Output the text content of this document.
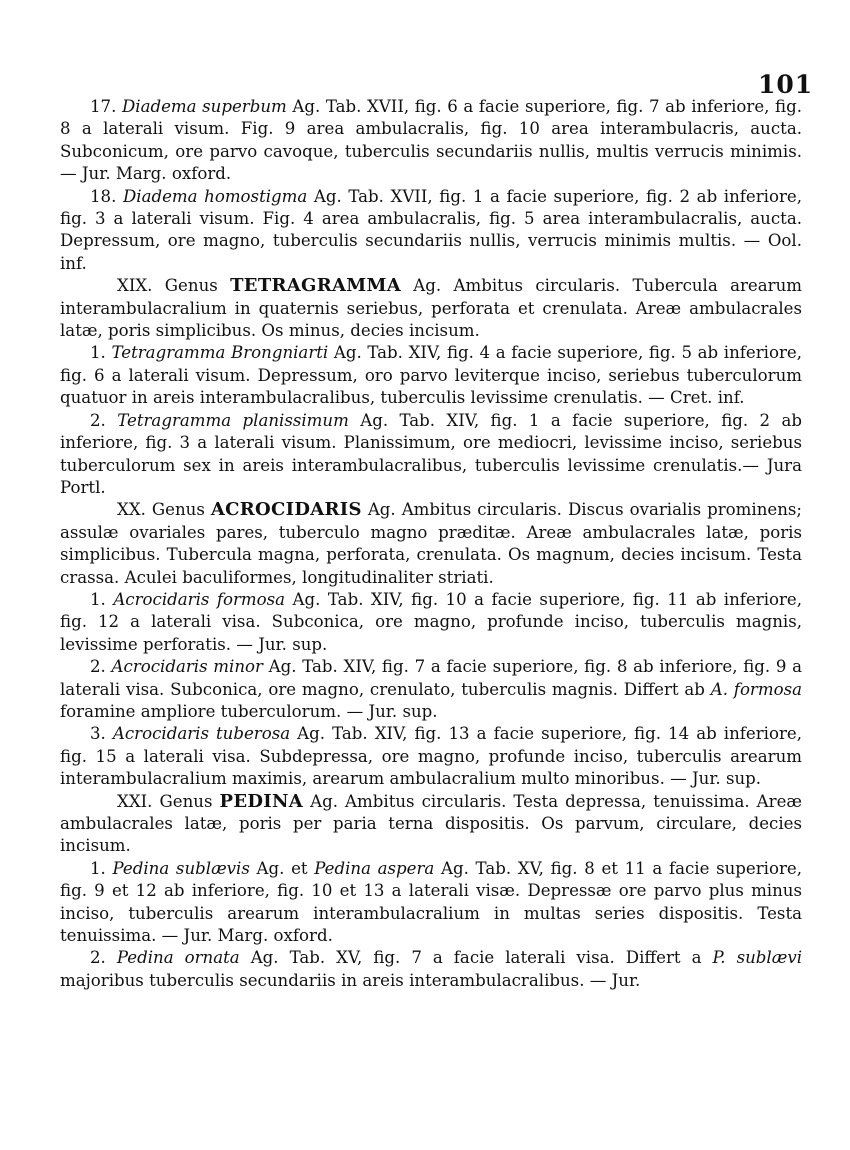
101

17. Diadema superbum Ag. Tab. XVII, fig. 6 a facie superiore, fig. 7 ab inferiore, fig. 8 a laterali visum. Fig. 9 area ambulacralis, fig. 10 area interambulacris, aucta. Subconicum, ore parvo cavoque, tuberculis secundariis nullis, multis verrucis minimis. — Jur. Marg. oxford.

18. Diadema homostigma Ag. Tab. XVII, fig. 1 a facie superiore, fig. 2 ab inferiore, fig. 3 a laterali visum. Fig. 4 area ambulacralis, fig. 5 area interambulacralis, aucta. Depressum, ore magno, tuberculis secundariis nullis, verrucis minimis multis. — Ool. inf.

XIX. Genus TETRAGRAMMA Ag. Ambitus circularis. Tubercula arearum interambulacralium in quaternis seriebus, perforata et crenulata. Areæ ambulacrales latæ, poris simplicibus. Os minus, decies incisum.

1. Tetragramma Brongniarti Ag. Tab. XIV, fig. 4 a facie superiore, fig. 5 ab inferiore, fig. 6 a laterali visum. Depressum, oro parvo leviterque inciso, seriebus tuberculorum quatuor in areis interambulacralibus, tuberculis levissime crenulatis. — Cret. inf.

2. Tetragramma planissimum Ag. Tab. XIV, fig. 1 a facie superiore, fig. 2 ab inferiore, fig. 3 a laterali visum. Planissimum, ore mediocri, levissime inciso, seriebus tuberculorum sex in areis interambulacralibus, tuberculis levissime crenulatis.— Jura Portl.

XX. Genus ACROCIDARIS Ag. Ambitus circularis. Discus ovarialis prominens; assulæ ovariales pares, tuberculo magno præditæ. Areæ ambulacrales latæ, poris simplicibus. Tubercula magna, perforata, crenulata. Os magnum, decies incisum. Testa crassa. Aculei baculiformes, longitudinaliter striati.

1. Acrocidaris formosa Ag. Tab. XIV, fig. 10 a facie superiore, fig. 11 ab inferiore, fig. 12 a laterali visa. Subconica, ore magno, profunde inciso, tuberculis magnis, levissime perforatis. — Jur. sup.

2. Acrocidaris minor Ag. Tab. XIV, fig. 7 a facie superiore, fig. 8 ab inferiore, fig. 9 a laterali visa. Subconica, ore magno, crenulato, tuberculis magnis. Differt ab A. formosa foramine ampliore tuberculorum. — Jur. sup.

3. Acrocidaris tuberosa Ag. Tab. XIV, fig. 13 a facie superiore, fig. 14 ab inferiore, fig. 15 a laterali visa. Subdepressa, ore magno, profunde inciso, tuberculis arearum interambulacralium maximis, arearum ambulacralium multo minoribus. — Jur. sup.

XXI. Genus PEDINA Ag. Ambitus circularis. Testa depressa, tenuissima. Areæ ambulacrales latæ, poris per paria terna dispositis. Os parvum, circulare, decies incisum.

1. Pedina sublævis Ag. et Pedina aspera Ag. Tab. XV, fig. 8 et 11 a facie superiore, fig. 9 et 12 ab inferiore, fig. 10 et 13 a laterali visæ. Depressæ ore parvo plus minus inciso, tuberculis arearum interambulacralium in multas series dispositis. Testa tenuissima. — Jur. Marg. oxford.

2. Pedina ornata Ag. Tab. XV, fig. 7 a facie laterali visa. Differt a P. sublævi majoribus tuberculis secundariis in areis interambulacralibus. — Jur.
